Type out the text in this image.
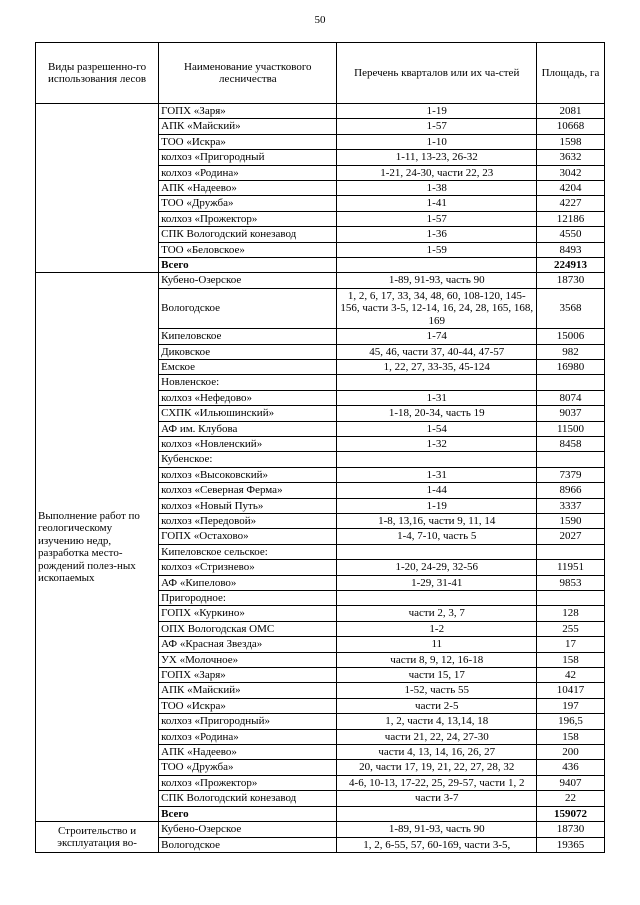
50
Виды разрешенно-го использования лесов	Наименование участкового лесничества	Перечень кварталов или их ча-стей	Площадь, га
	ГОПХ «Заря»	1-19	2081
	АПК «Майский»	1-57	10668
	ТОО «Искра»	1-10	1598
	колхоз «Пригородный	1-11, 13-23, 26-32	3632
	колхоз «Родина»	1-21, 24-30, части 22, 23	3042
	АПК «Надеево»	1-38	4204
	ТОО «Дружба»	1-41	4227
	колхоз «Прожектор»	1-57	12186
	СПК Вологодский конезавод	1-36	4550
	ТОО «Беловское»	1-59	8493
	Всего		224913
Выполнение работ по геологическому изучению недр, разработка место-рождений полез-ных ископаемых	Кубено-Озерское	1-89, 91-93, часть 90	18730
	Вологодское	1, 2, 6, 17, 33, 34, 48, 60, 108-120, 145-156, части 3-5, 12-14, 16, 24, 28, 165, 168, 169	3568
	Кипеловское	1-74	15006
	Диковское	45, 46, части 37, 40-44, 47-57	982
	Емское	1, 22, 27, 33-35, 45-124	16980
	Новленское:		
	колхоз «Нефедово»	1-31	8074
	СХПК «Ильюшинский»	1-18, 20-34, часть 19	9037
	АФ им. Клубова	1-54	11500
	колхоз «Новленский»	1-32	8458
	Кубенское:		
	колхоз «Высоковский»	1-31	7379
	колхоз «Северная Ферма»	1-44	8966
	колхоз «Новый Путь»	1-19	3337
	колхоз «Передовой»	1-8, 13,16, части 9, 11, 14	1590
	ГОПХ «Остахово»	1-4, 7-10, часть 5	2027
	Кипеловское сельское:		
	колхоз «Стризнево»	1-20, 24-29, 32-56	11951
	АФ «Кипелово»	1-29, 31-41	9853
	Пригородное:		
	ГОПХ «Куркино»	части 2, 3, 7	128
	ОПХ Вологодская ОМС	1-2	255
	АФ «Красная Звезда»	11	17
	УХ «Молочное»	части 8, 9, 12, 16-18	158
	ГОПХ «Заря»	части 15, 17	42
	АПК «Майский»	1-52, часть 55	10417
	ТОО «Искра»	части 2-5	197
	колхоз «Пригородный»	1, 2, части 4, 13,14, 18	196,5
	колхоз «Родина»	части 21, 22, 24, 27-30	158
	АПК «Надеево»	части 4, 13, 14, 16, 26, 27	200
	ТОО «Дружба»	20, части 17, 19, 21, 22, 27, 28, 32	436
	колхоз «Прожектор»	4-6, 10-13, 17-22, 25, 29-57, части 1, 2	9407
	СПК Вологодский конезавод	части 3-7	22
	Всего		159072
Строительство и эксплуатация во-	Кубено-Озерское	1-89, 91-93, часть 90	18730
	Вологодское	1, 2, 6-55, 57, 60-169, части 3-5,	19365
